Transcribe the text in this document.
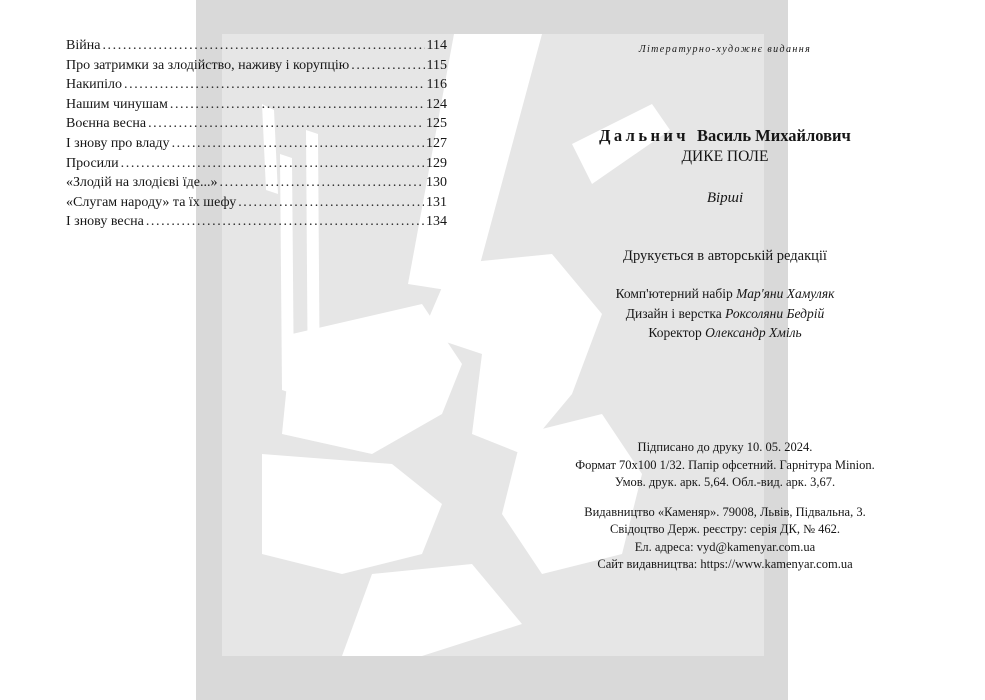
Війна .....	114
Про затримки за злодійство, наживу і корупцію .....	115
Накипіло .....	116
Нашим чинушам .....	124
Воєнна весна .....	125
І знову про владу .....	127
Просили .....	129
«Злодій на злодієві їде...» .....	130
«Слугам народу» та їх шефу .....	131
І знову весна .....	134
Літературно-художнє видання
Дальнич Василь Михайлович
ДИКЕ ПОЛЕ
Вірші
Друкується в авторській редакції
Комп'ютерний набір Мар'яни Хамуляк
Дизайн і верстка Роксоляни Бедрій
Коректор Олександр Хміль
Підписано до друку 10. 05. 2024.
Формат 70x100 1/32. Папір офсетний. Гарнітура Minion.
Умов. друк. арк. 5,64. Обл.-вид. арк. 3,67.
Видавництво «Каменяр». 79008, Львів, Підвальна, 3.
Свідоцтво Держ. реєстру: серія ДК, № 462.
Ел. адреса: vyd@kamenyar.com.ua
Сайт видавництва: https://www.kamenyar.com.ua
